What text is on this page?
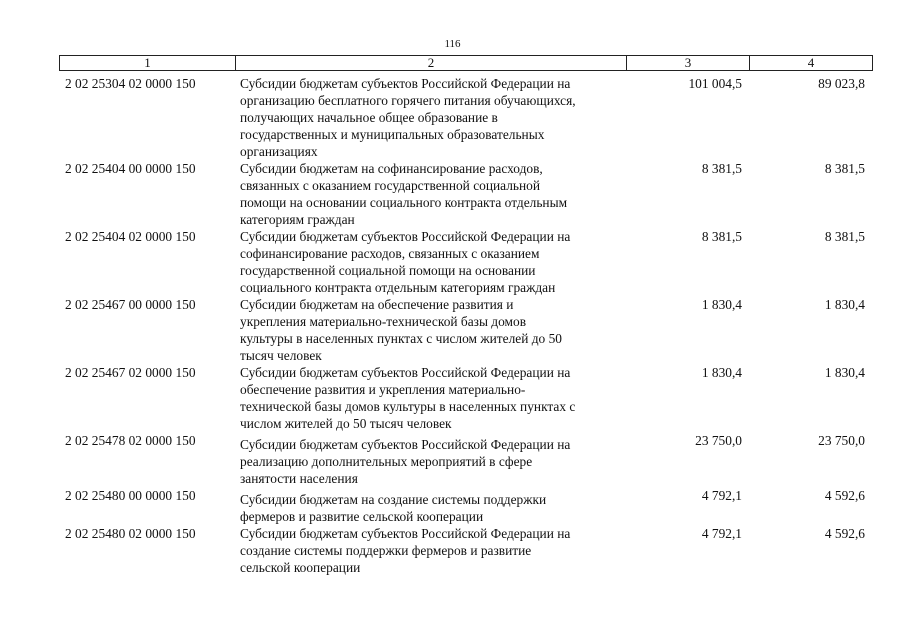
116
1	2	3	4
2 02 25304 02 0000 150	Субсидии бюджетам субъектов Российской Федерации на
организацию бесплатного горячего питания обучающихся,
получающих начальное общее образование в
государственных и муниципальных образовательных
организациях
101 004,5	89 023,8
2 02 25404 00 0000 150	Субсидии бюджетам на софинансирование расходов,
связанных с оказанием государственной социальной
помощи на основании социального контракта отдельным
категориям граждан
8 381,5	8 381,5
2 02 25404 02 0000 150	Субсидии бюджетам субъектов Российской Федерации на
софинансирование расходов, связанных с оказанием
государственной социальной помощи на основании
социального контракта отдельным категориям граждан
8 381,5	8 381,5
2 02 25467 00 0000 150	Субсидии бюджетам на обеспечение развития и
укрепления материально-технической базы домов
культуры в населенных пунктах с числом жителей до 50
тысяч человек
1 830,4	1 830,4
2 02 25467 02 0000 150	Субсидии бюджетам субъектов Российской Федерации на
обеспечение развития и укрепления материально-
технической базы домов культуры в населенных пунктах с
числом жителей до 50 тысяч человек
1 830,4	1 830,4
2 02 25478 02 0000 150	Субсидии бюджетам субъектов Российской Федерации на
реализацию дополнительных мероприятий в сфере
занятости населения
23 750,0	23 750,0
2 02 25480 00 0000 150	Субсидии бюджетам на создание системы поддержки
фермеров и развитие сельской кооперации
4 792,1	4 592,6
2 02 25480 02 0000 150	Субсидии бюджетам субъектов Российской Федерации на
создание системы поддержки фермеров и развитие
сельской кооперации
4 792,1	4 592,6
